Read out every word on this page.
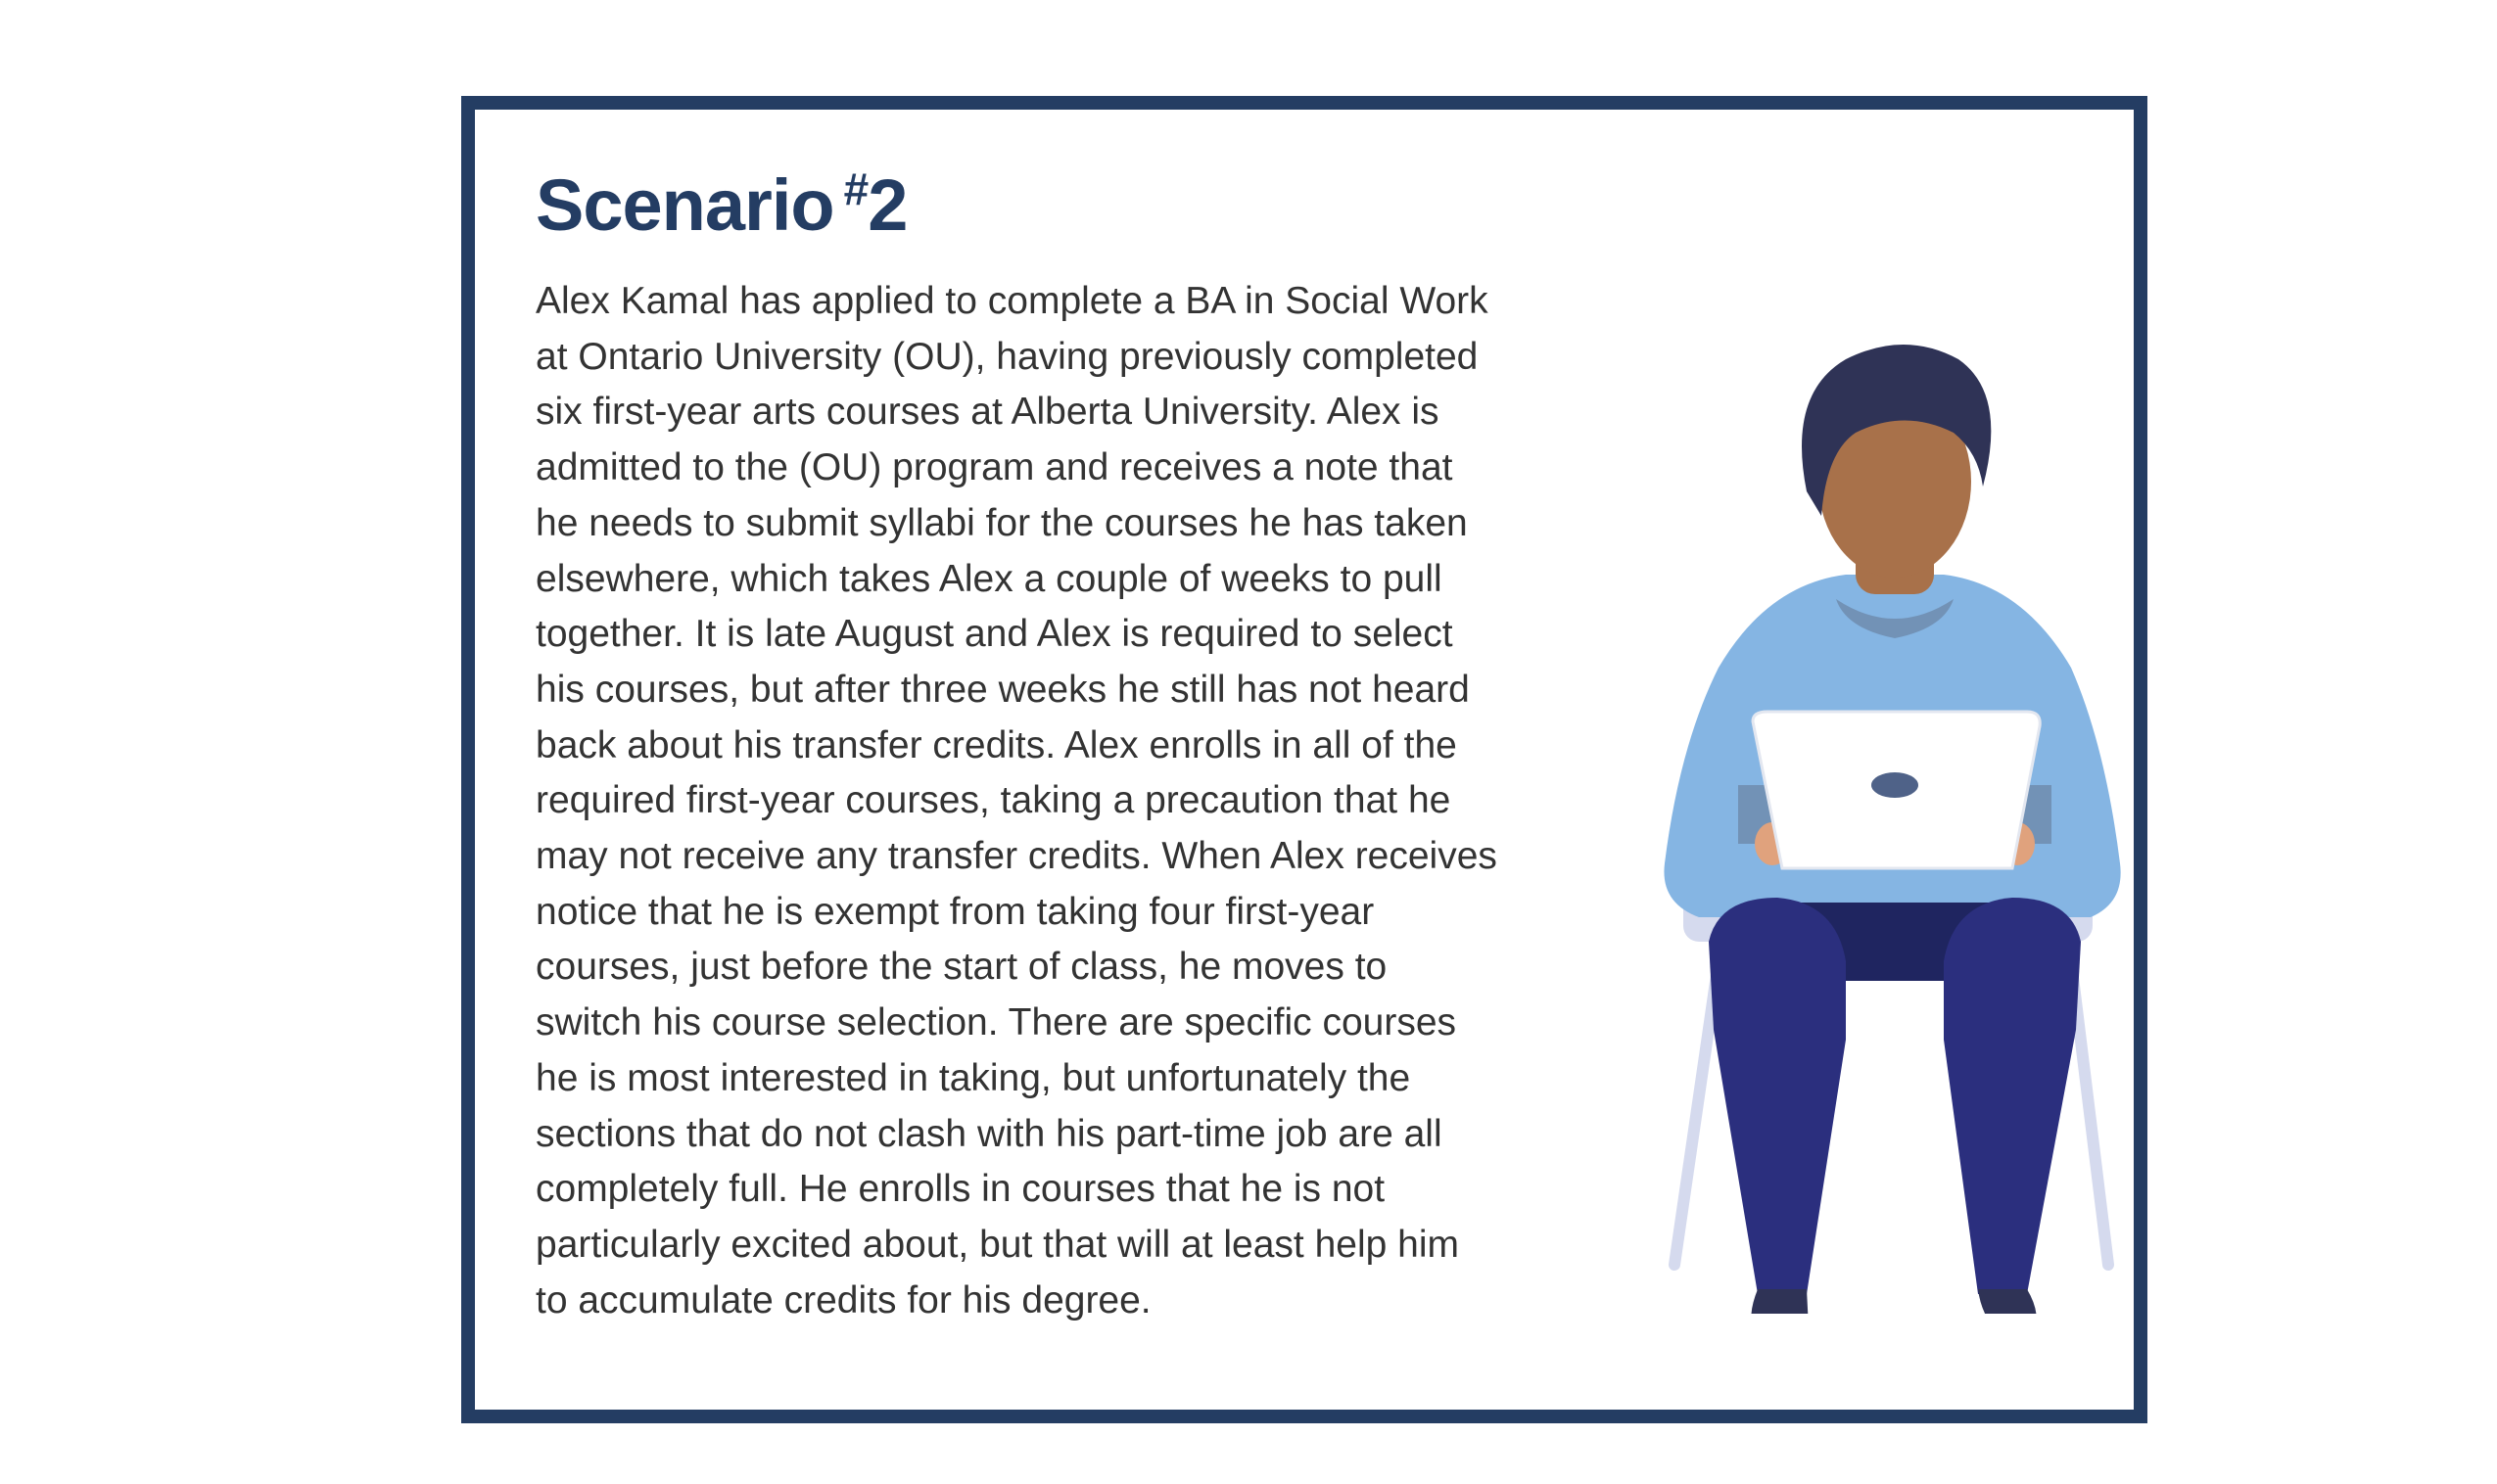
Scenario #2

Alex Kamal has applied to complete a BA in Social Work
at Ontario University (OU), having previously completed
six first-year arts courses at Alberta University. Alex is
admitted to the (OU) program and receives a note that
he needs to submit syllabi for the courses he has taken
elsewhere, which takes Alex a couple of weeks to pull
together. It is late August and Alex is required to select
his courses, but after three weeks he still has not heard
back about his transfer credits. Alex enrolls in all of the
required first-year courses, taking a precaution that he
may not receive any transfer credits. When Alex receives
notice that he is exempt from taking four first-year
courses, just before the start of class, he moves to
switch his course selection. There are specific courses
he is most interested in taking, but unfortunately the
sections that do not clash with his part-time job are all
completely full. He enrolls in courses that he is not
particularly excited about, but that will at least help him
to accumulate credits for his degree.
